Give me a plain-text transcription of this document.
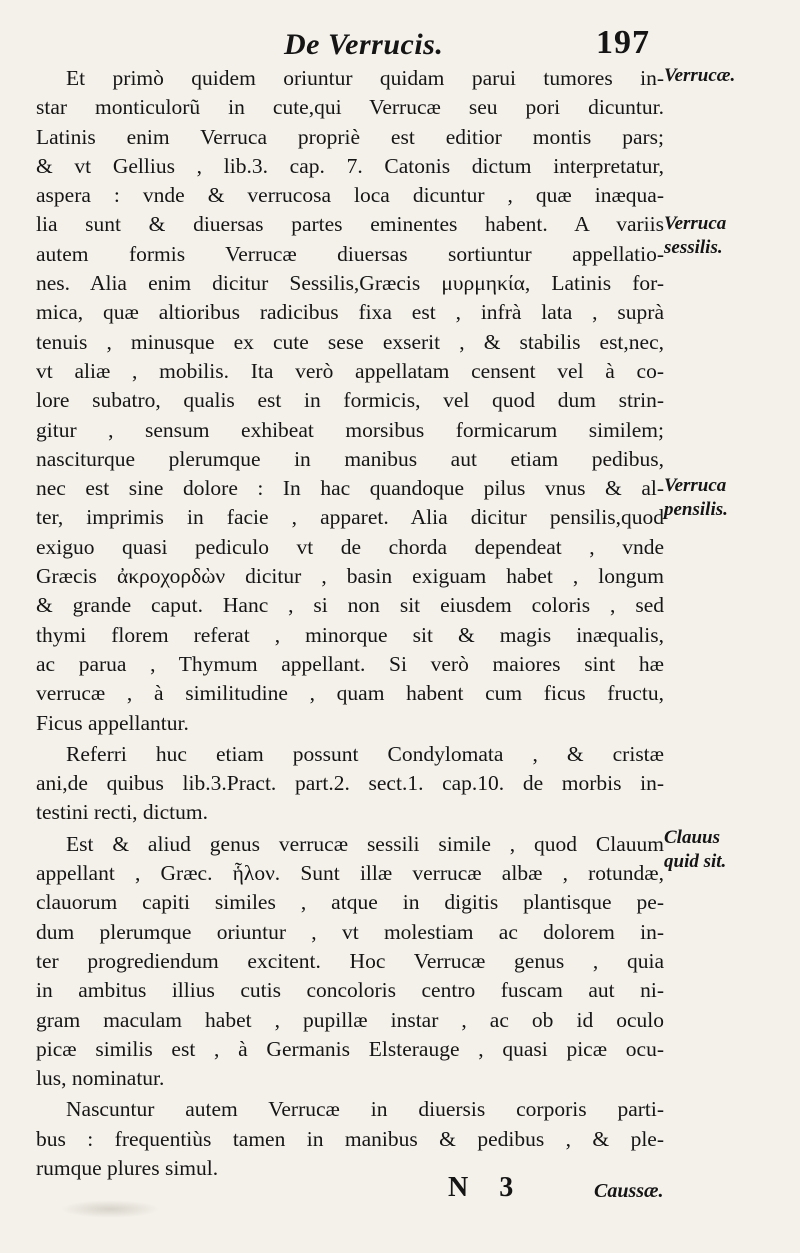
De Verrucis.	197
Et primò quidem oriuntur quidam parui tumores in-
star monticulorũ in cute,qui Verrucæ seu pori dicuntur.
Latinis enim Verruca propriè est editior montis pars;
& vt Gellius , lib.3. cap. 7. Catonis dictum interpretatur,
aspera : vnde & verrucosa loca dicuntur , quæ inæqua-
lia sunt & diuersas partes eminentes habent. A variis
autem formis Verrucæ diuersas sortiuntur appellatio-
nes. Alia enim dicitur Sessilis,Græcis μυρμηκία, Latinis for-
mica, quæ altioribus radicibus fixa est , infrà lata , suprà
tenuis , minusque ex cute sese exserit , & stabilis est,nec,
vt aliæ , mobilis. Ita verò appellatam censent vel à co-
lore subatro, qualis est in formicis, vel quod dum strin-
gitur , sensum exhibeat morsibus formicarum similem;
nasciturque plerumque in manibus aut etiam pedibus,
nec est sine dolore : In hac quandoque pilus vnus & al-
ter, imprimis in facie , apparet. Alia dicitur pensilis,quod
exiguo quasi pediculo vt de chorda dependeat , vnde
Græcis ἀκροχορδὼν dicitur , basin exiguam habet , longum
& grande caput. Hanc , si non sit eiusdem coloris , sed
thymi florem referat , minorque sit & magis inæqualis,
ac parua , Thymum appellant. Si verò maiores sint hæ
verrucæ , à similitudine , quam habent cum ficus fructu,
Ficus appellantur.
Referri huc etiam possunt Condylomata , & cristæ
ani,de quibus lib.3.Pract. part.2. sect.1. cap.10. de morbis in-
testini recti, dictum.
Est & aliud genus verrucæ sessili simile , quod Clauum
appellant , Græc. ἧλον. Sunt illæ verrucæ albæ , rotundæ,
clauorum capiti similes , atque in digitis plantisque pe-
dum plerumque oriuntur , vt molestiam ac dolorem in-
ter progrediendum excitent. Hoc Verrucæ genus , quia
in ambitus illius cutis concoloris centro fuscam aut ni-
gram maculam habet , pupillæ instar , ac ob id oculo
picæ similis est , à Germanis Elsterauge , quasi picæ ocu-
lus, nominatur.
Nascuntur autem Verrucæ in diuersis corporis parti-
bus : frequentiùs tamen in manibus & pedibus , & ple-
rumque plures simul.
Verrucæ.
Verruca
sessilis.
Verruca
pensilis.
Clauus
quid sit.
N 3	Caussæ.
